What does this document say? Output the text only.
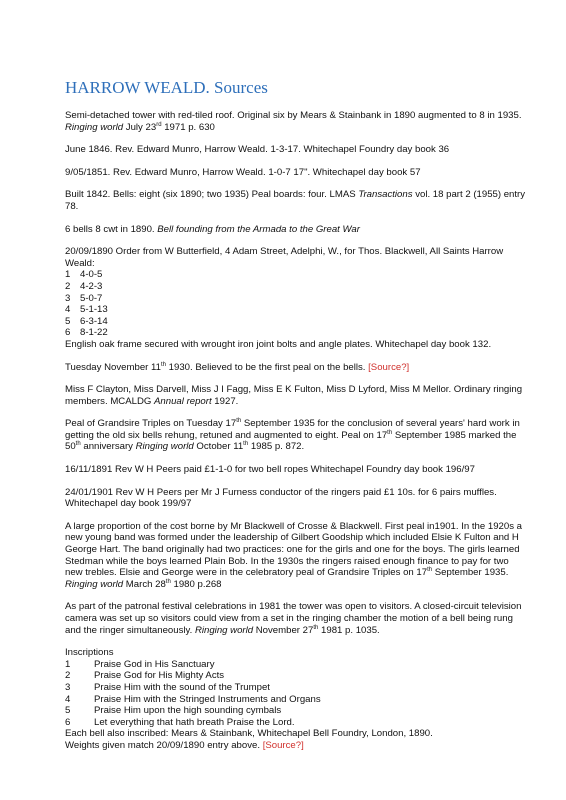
HARROW WEALD. Sources

Semi-detached tower with red-tiled roof. Original six by Mears & Stainbank in 1890 augmented to 8 in 1935. Ringing world July 23rd 1971 p. 630

June 1846. Rev. Edward Munro, Harrow Weald. 1-3-17. Whitechapel Foundry day book 36

9/05/1851. Rev. Edward Munro, Harrow Weald. 1-0-7 17". Whitechapel day book 57

Built 1842. Bells: eight (six 1890; two 1935) Peal boards: four. LMAS Transactions vol. 18 part 2 (1955) entry 78.

6 bells 8 cwt in 1890. Bell founding from the Armada to the Great War

20/09/1890 Order from W Butterfield, 4 Adam Street, Adelphi, W., for Thos. Blackwell, All Saints Harrow Weald:
1	4-0-5
2	4-2-3
3	5-0-7
4	5-1-13
5	6-3-14
6	8-1-22
English oak frame secured with wrought iron joint bolts and angle plates. Whitechapel day book 132.

Tuesday November 11th 1930. Believed to be the first peal on the bells. [Source?]

Miss F Clayton, Miss Darvell, Miss J I Fagg, Miss E K Fulton, Miss D Lyford, Miss M Mellor. Ordinary ringing members. MCALDG Annual report 1927.

Peal of Grandsire Triples on Tuesday 17th September 1935 for the conclusion of several years' hard work in getting the old six bells rehung, retuned and augmented to eight. Peal on 17th September 1985 marked the 50th anniversary Ringing world October 11th 1985 p. 872.

16/11/1891 Rev W H Peers paid £1-1-0 for two bell ropes Whitechapel Foundry day book 196/97

24/01/1901 Rev W H Peers per Mr J Furness conductor of the ringers paid £1 10s. for 6 pairs muffles. Whitechapel day book 199/97

A large proportion of the cost borne by Mr Blackwell of Crosse & Blackwell. First peal in1901. In the 1920s a new young band was formed under the leadership of Gilbert Goodship which included Elsie K Fulton and H George Hart. The band originally had two practices: one for the girls and one for the boys. The girls learned Stedman while the boys learned Plain Bob. In the 1930s the ringers raised enough finance to pay for two new trebles. Elsie and George were in the celebratory peal of Grandsire Triples on 17th September 1935. Ringing world March 28th 1980 p.268

As part of the patronal festival celebrations in 1981 the tower was open to visitors. A closed-circuit television camera was set up so visitors could view from a set in the ringing chamber the motion of a bell being rung and the ringer simultaneously. Ringing world November 27th 1981 p. 1035.

Inscriptions
1	Praise God in His Sanctuary
2	Praise God for His Mighty Acts
3	Praise Him with the sound of the Trumpet
4	Praise Him with the Stringed Instruments and Organs
5	Praise Him upon the high sounding cymbals
6	Let everything that hath breath Praise the Lord.
Each bell also inscribed: Mears & Stainbank, Whitechapel Bell Foundry, London, 1890.
Weights given match 20/09/1890 entry above. [Source?]
